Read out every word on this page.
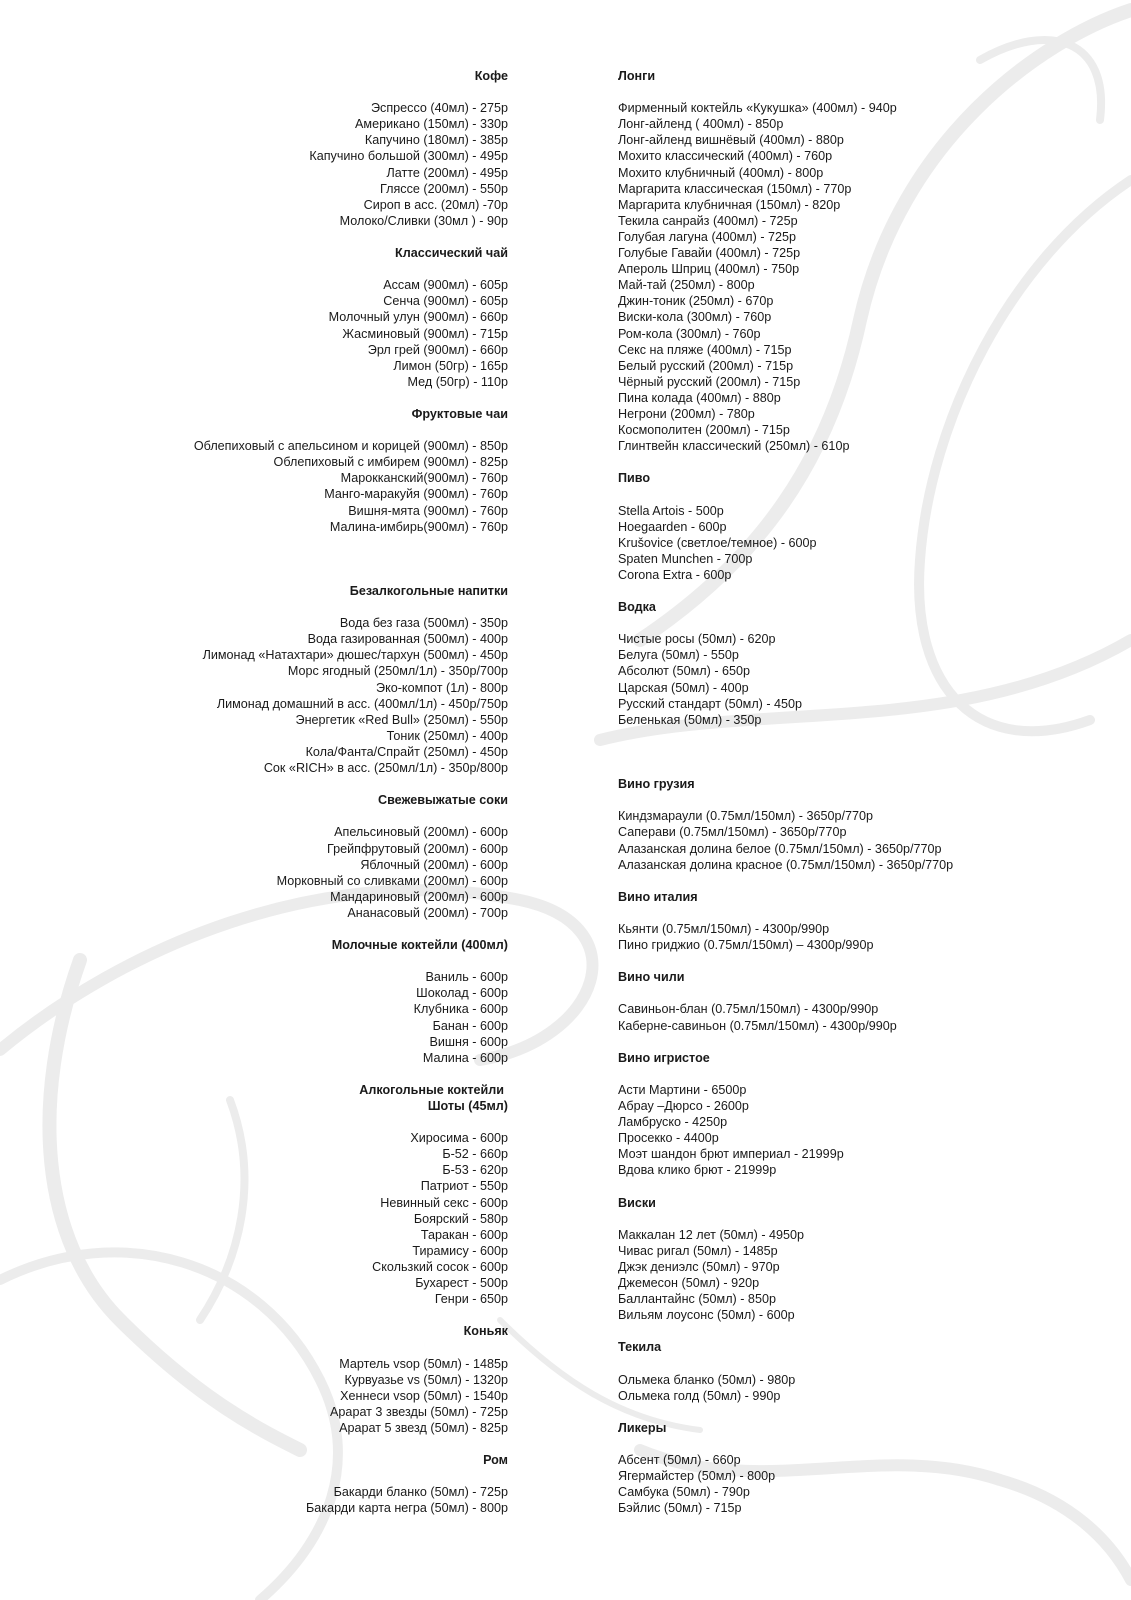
Кофе
Эспрессо (40мл) - 275р
Американо (150мл) - 330р
Капучино (180мл) - 385р
Капучино большой (300мл) - 495р
Латте (200мл) - 495р
Гляссе (200мл) - 550р
Сироп в асс. (20мл) -70р
Молоко/Сливки (30мл ) - 90р
Классический чай
Ассам (900мл) - 605р
Сенча (900мл) - 605р
Молочный улун (900мл) - 660р
Жасминовый (900мл) - 715р
Эрл грей (900мл) - 660р
Лимон (50гр) - 165р
Мед (50гр) - 110р
Фруктовые чаи
Облепиховый с апельсином и корицей (900мл) - 850р
Облепиховый с имбирем (900мл) - 825р
Марокканский(900мл) - 760р
Манго-маракуйя (900мл) - 760р
Вишня-мята (900мл) - 760р
Малина-имбирь(900мл) - 760р
Безалкогольные напитки
Вода без газа (500мл) - 350р
Вода газированная (500мл) - 400р
Лимонад «Натахтари» дюшес/тархун (500мл) - 450р
Морс ягодный (250мл/1л) - 350р/700р
Эко-компот (1л) - 800р
Лимонад домашний в асс. (400мл/1л) - 450р/750р
Энергетик «Red Bull» (250мл) - 550р
Тоник (250мл) - 400р
Кола/Фанта/Спрайт (250мл) - 450р
Сок «RICH» в асс. (250мл/1л) - 350р/800р
Свежевыжатые соки
Апельсиновый (200мл) - 600р
Грейпфрутовый (200мл) - 600р
Яблочный (200мл) - 600р
Морковный со сливками (200мл) - 600р
Мандариновый (200мл) - 600р
Ананасовый (200мл) - 700р
Молочные коктейли (400мл)
Ваниль - 600р
Шоколад - 600р
Клубника - 600р
Банан - 600р
Вишня - 600р
Малина - 600р
Алкогольные коктейли
Шоты (45мл)
Хиросима - 600р
Б-52 - 660р
Б-53 - 620р
Патриот - 550р
Невинный секс - 600р
Боярский - 580р
Таракан - 600р
Тирамису - 600р
Скользкий сосок - 600р
Бухарест - 500р
Генри - 650р
Коньяк
Мартель vsop (50мл) - 1485р
Курвуазье vs (50мл) - 1320р
Хеннеси vsop (50мл) - 1540р
Арарат 3 звезды (50мл) - 725р
Арарат 5 звезд (50мл) - 825р
Ром
Бакарди бланко (50мл) - 725р
Бакарди карта негра (50мл) - 800р
Лонги
Фирменный коктейль «Кукушка» (400мл) - 940р
Лонг-айленд ( 400мл) - 850р
Лонг-айленд вишнёвый (400мл) - 880р
Мохито классический (400мл) - 760р
Мохито клубничный (400мл) - 800р
Маргарита классическая (150мл) - 770р
Маргарита клубничная (150мл) - 820р
Текила санрайз (400мл) - 725р
Голубая лагуна (400мл) - 725р
Голубые Гавайи (400мл) - 725р
Апероль Шприц (400мл) - 750р
Май-тай (250мл) - 800р
Джин-тоник (250мл) - 670р
Виски-кола (300мл) - 760р
Ром-кола (300мл) - 760р
Секс на пляже (400мл) - 715р
Белый русский (200мл) - 715р
Чёрный русский (200мл) - 715р
Пина колада (400мл) - 880р
Негрони (200мл) - 780р
Космополитен (200мл) - 715р
Глинтвейн классический (250мл) - 610р
Пиво
Stella Artois - 500р
Hoegaarden - 600р
Krušovice (светлое/темное) - 600р
Spaten Munchen - 700р
Corona Extra - 600р
Водка
Чистые росы (50мл) - 620р
Белуга (50мл) - 550р
Абсолют (50мл) - 650р
Царская (50мл) - 400р
Русский стандарт (50мл) - 450р
Беленькая (50мл) - 350р
Вино грузия
Киндзмараули (0.75мл/150мл) - 3650р/770р
Саперави (0.75мл/150мл) - 3650р/770р
Алазанская долина белое (0.75мл/150мл) - 3650р/770р
Алазанская долина красное (0.75мл/150мл) - 3650р/770р
Вино италия
Кьянти (0.75мл/150мл) - 4300р/990р
Пино гриджио (0.75мл/150мл) – 4300р/990р
Вино чили
Савиньон-блан (0.75мл/150мл) - 4300р/990р
Каберне-савиньон (0.75мл/150мл) - 4300р/990р
Вино игристое
Асти Мартини - 6500р
Абрау –Дюрсо - 2600р
Ламбруско - 4250р
Просекко - 4400р
Моэт шандон брют империал - 21999р
Вдова клико брют - 21999р
Виски
Маккалан 12 лет (50мл) - 4950р
Чивас ригал (50мл) - 1485р
Джэк дениэлс (50мл) - 970р
Джемесон (50мл) - 920р
Баллантайнс (50мл) - 850р
Вильям лоусонс (50мл) - 600р
Текила
Ольмека бланко (50мл) - 980р
Ольмека голд (50мл) - 990р
Ликеры
Абсент (50мл) - 660р
Ягермайстер (50мл) - 800р
Самбука (50мл) - 790р
Бэйлис (50мл) - 715р
